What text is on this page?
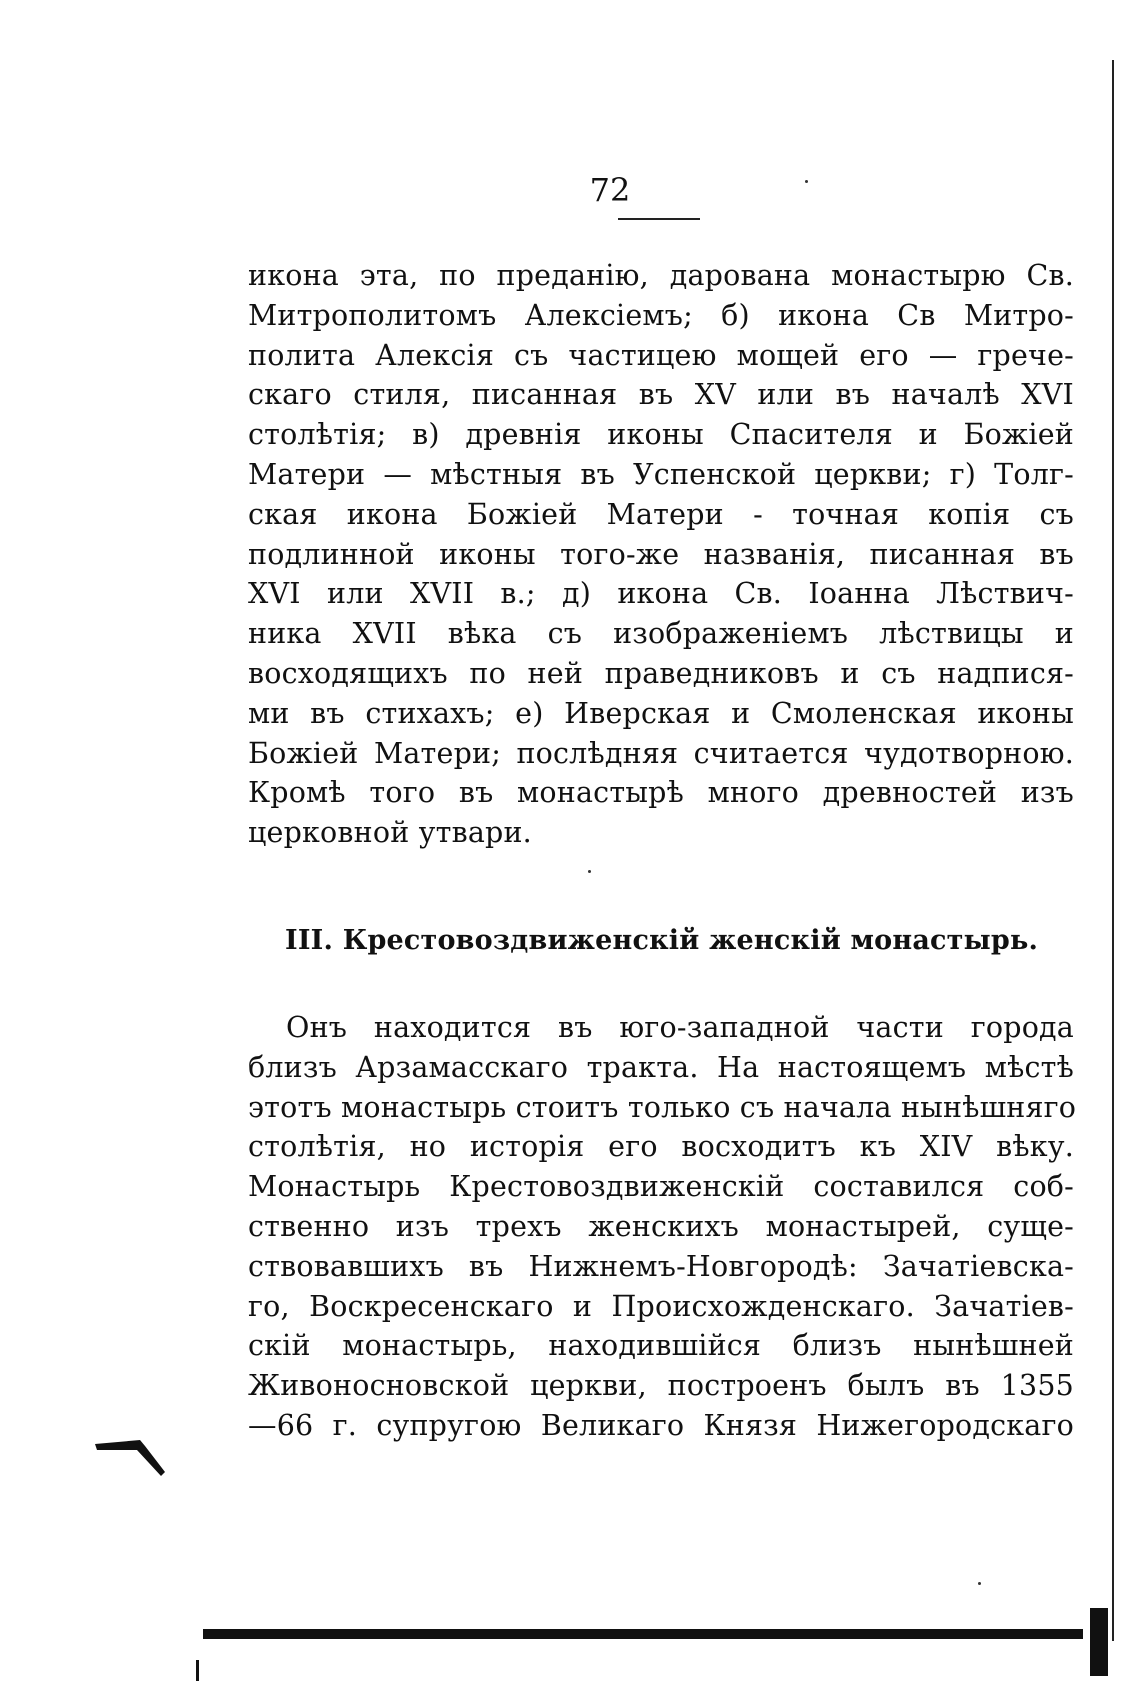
72
икона эта, по преданію, дарована монастырю Св.
Митрополитомъ Алексіемъ; б) икона Св Митро-
полита Алексія съ частицею мощей его — грече-
скаго стиля, писанная въ XV или въ началѣ XVI
столѣтія; в) древнія иконы Спасителя и Божіей
Матери — мѣстныя въ Успенской церкви; г) Толг-
ская икона Божіей Матери - точная копія съ
подлинной иконы того-же названія, писанная въ
XVI или XVII в.; д) икона Св. Іоанна Лѣствич-
ника XVII вѣка съ изображеніемъ лѣствицы и
восходящихъ по ней праведниковъ и съ надпися-
ми въ стихахъ; е) Иверская и Смоленская иконы
Божіей Матери; послѣдняя считается чудотворною.
Кромѣ того въ монастырѣ много древностей изъ
церковной утвари.
III. Крестовоздвиженскій женскій монастырь.
Онъ находится въ юго-западной части города
близъ Арзамасскаго тракта. На настоящемъ мѣстѣ
этотъ монастырь стоитъ только съ начала нынѣшняго
столѣтія, но исторія его восходитъ къ XIV вѣку.
Монастырь Крестовоздвиженскій составился соб-
ственно изъ трехъ женскихъ монастырей, суще-
ствовавшихъ въ Нижнемъ-Новгородѣ: Зачатіевска-
го, Воскресенскаго и Происхожденскаго. Зачатіев-
скій монастырь, находившійся близъ нынѣшней
Живоносновской церкви, построенъ былъ въ 1355
—66 г. супругою Великаго Князя Нижегородскаго
